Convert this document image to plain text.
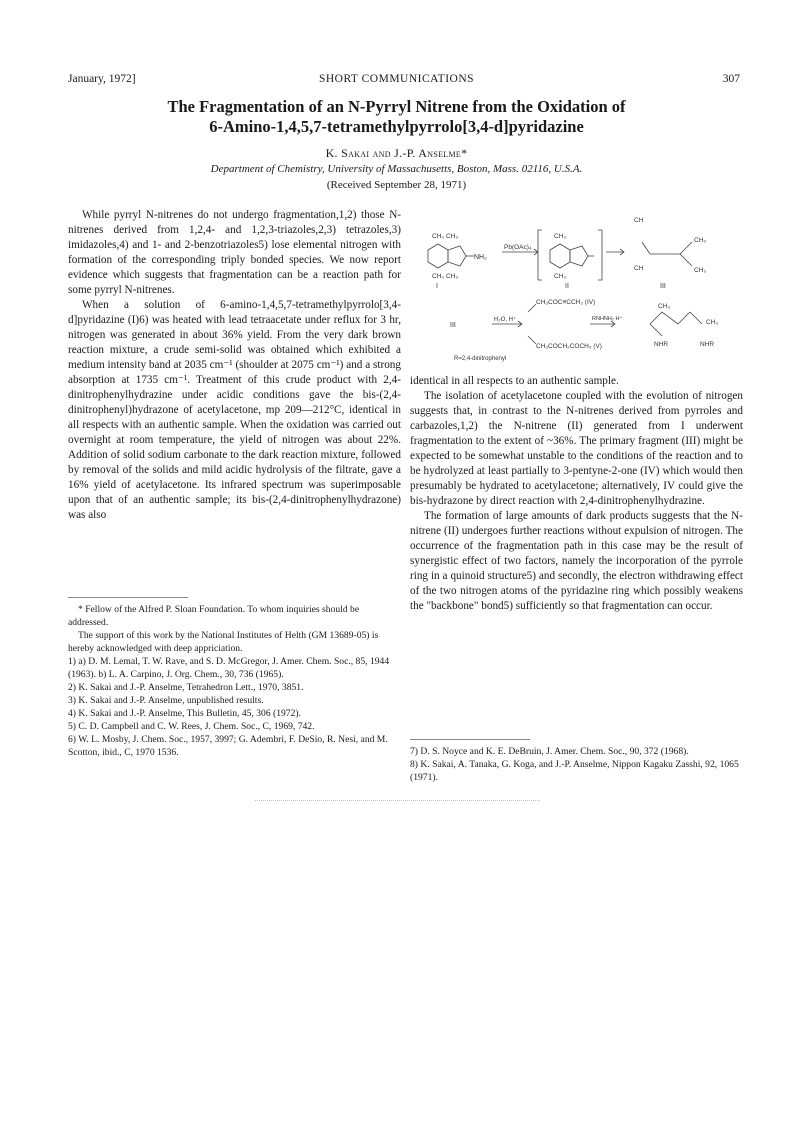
January, 1972]	SHORT COMMUNICATIONS	307
The Fragmentation of an N-Pyrryl Nitrene from the Oxidation of
6-Amino-1,4,5,7-tetramethylpyrrolo[3,4-d]pyridazine
K. Sakai and J.-P. Anselme*
Department of Chemistry, University of Massachusetts, Boston, Mass. 02116, U.S.A.
(Received September 28, 1971)

While pyrryl N-nitrenes do not undergo fragmentation,1,2) those N-nitrenes derived from 1,2,4- and 1,2,3-triazoles,2,3) tetrazoles,3) imidazoles,4) and 1- and 2-benzotriazoles5) lose elemental nitrogen with formation of the corresponding triply bonded species. We now report evidence which suggests that fragmentation can be a reaction path for some pyrryl N-nitrenes.

When a solution of 6-amino-1,4,5,7-tetramethylpyrrolo[3,4-d]pyridazine (I)6) was heated with lead tetraacetate under reflux for 3 hr, nitrogen was generated in about 36% yield. From the very dark brown reaction mixture, a crude semi-solid was obtained which exhibited a medium intensity band at 2035 cm⁻¹ (shoulder at 2075 cm⁻¹) and a strong absorption at 1735 cm⁻¹. Treatment of this crude product with 2,4-dinitrophenylhydrazine under acidic conditions gave the bis-(2,4-dinitrophenyl)hydrazone of acetylacetone, mp 209—212°C, identical in all respects with an authentic sample. When the oxidation was carried out overnight at room temperature, the yield of nitrogen was about 22%. Addition of solid sodium carbonate to the dark reaction mixture, followed by removal of the solids and mild acidic hydrolysis of the filtrate, gave a 16% yield of acetylacetone. Its infrared spectrum was superimposable upon that of an authentic sample; its bis-(2,4-dinitrophenylhydrazone) was also

CH₃ CH₃
CH₃ CH₃
NH₂
Pb(OAc)₄
I
CH₃
CH₃
II
CH
CH
CH₃
CH₃
III
III
H₂O, H⁺
CH₃COC≡CCH₃ (IV)
CH₃COCH₂COCH₃ (V)
RNHNH₂ H⁺
CH₃
CH₃
NHR	NHR
R=2,4-dinitrophenyl

identical in all respects to an authentic sample.

The isolation of acetylacetone coupled with the evolution of nitrogen suggests that, in contrast to the N-nitrenes derived from pyrroles and carbazoles,1,2) the N-nitrene (II) generated from I underwent fragmentation to the extent of ~36%. The primary fragment (III) might be expected to be somewhat unstable to the conditions of the reaction and to be hydrolyzed at least partially to 3-pentyne-2-one (IV) which would then presumably be hydrated to acetylacetone; alternatively, IV could give the bis-hydrazone by direct reaction with 2,4-dinitrophenylhydrazine.

The formation of large amounts of dark products suggests that the N-nitrene (II) undergoes further reactions without expulsion of nitrogen. The occurrence of the fragmentation path in this case may be the result of synergistic effect of two factors, namely the incorporation of the pyrrole ring in a quinoid structure5) and secondly, the electron withdrawing effect of the two nitrogen atoms of the pyridazine ring which possibly weakens the "backbone" bond5) sufficiently so that fragmentation can occur.

* Fellow of the Alfred P. Sloan Foundation. To whom inquiries should be addressed.
The support of this work by the National Institutes of Helth (GM 13689-05) is hereby acknowledged with deep appriciation.
1) a) D. M. Lemal, T. W. Rave, and S. D. McGregor, J. Amer. Chem. Soc., 85, 1944 (1963). b) L. A. Carpino, J. Org. Chem., 30, 736 (1965).
2) K. Sakai and J.-P. Anselme, Tetrahedron Lett., 1970, 3851.
3) K. Sakai and J.-P. Anselme, unpublished results.
4) K. Sakai and J.-P. Anselme, This Bulletin, 45, 306 (1972).
5) C. D. Campbell and C. W. Rees, J. Chem. Soc., C, 1969, 742.
6) W. L. Mosby, J. Chem. Soc., 1957, 3997; G. Adembri, F. DeSio, R. Nesi, and M. Scotton, ibid., C, 1970 1536.	7) D. S. Noyce and K. E. DeBruin, J. Amer. Chem. Soc., 90, 372 (1968).
8) K. Sakai, A. Tanaka, G. Koga, and J.-P. Anselme, Nippon Kagaku Zasshi, 92, 1065 (1971).
